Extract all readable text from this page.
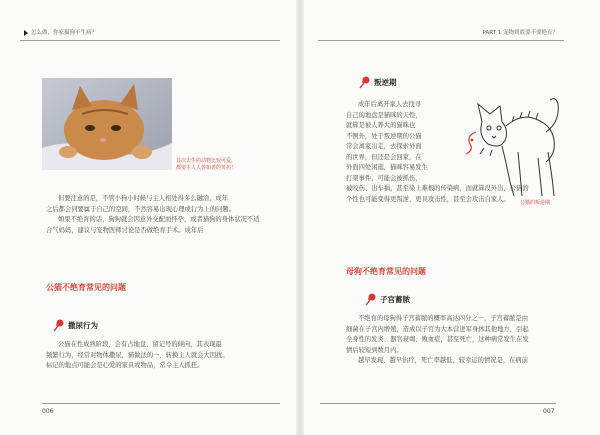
怎么做，你家猫狗不生病？	PART 1 宠物到底要不要绝育？
首次去生的动物比较可爱，
都要主人人善如善的负担！
但要注意的是，不管小狗小时候与主人相处得多么融洽，成年
之后都会同要属于自己的空间，不然容易出现心理或行为上的问题。
如果不绝育的话，狗狗就会因意外交配而怀孕，或者猫狗的身体状况不适
合气妈妈，建议与宠物医师讨论是否做绝育手术。成年后
公猫不绝育常见的问题
撒尿行为
公猫在性成熟阶段，会有占地盘、留记号的倾向，其表现最
频繁行为，经常对物体撒尿，猫做法的一，转换主人就会大因扰。
标记的地点可能会是心爱的家具或物品，常令主人抓狂。
006
叛逆期
成年后离开家人去找寻
自己的地盘是猫咪的天性，
就算是被人养大的猫咪也
不例外，处于叛逆期的公猫
常会离家出走，去探索外面
的世界，但还是会回家，在
外面四处闲逛，猫咪容易发生
打架事件，可能会被抓伤、
被咬伤、出车祸，甚至染上难根的传染病，而就算没外出，公猫的
个性也可能变得更叛逆、更具攻击性，甚至会攻击自家人。
公猫的叛逆期
母狗不绝育常见的问题
子宫蓄脓
不绝育的母狗得子宫蓄脓的概率高达四分之一，子宫蓄脓是由
细菌在子宫内增殖，造成以子宫为大本营进军身体其他地方，引起
全身性的发炎、器官衰竭、败血症，甚至死亡，这种病常发生在发
情后较短到数月内。
越早发现、越早治疗，死亡率越低，较幸运的情况是，在病前
007
